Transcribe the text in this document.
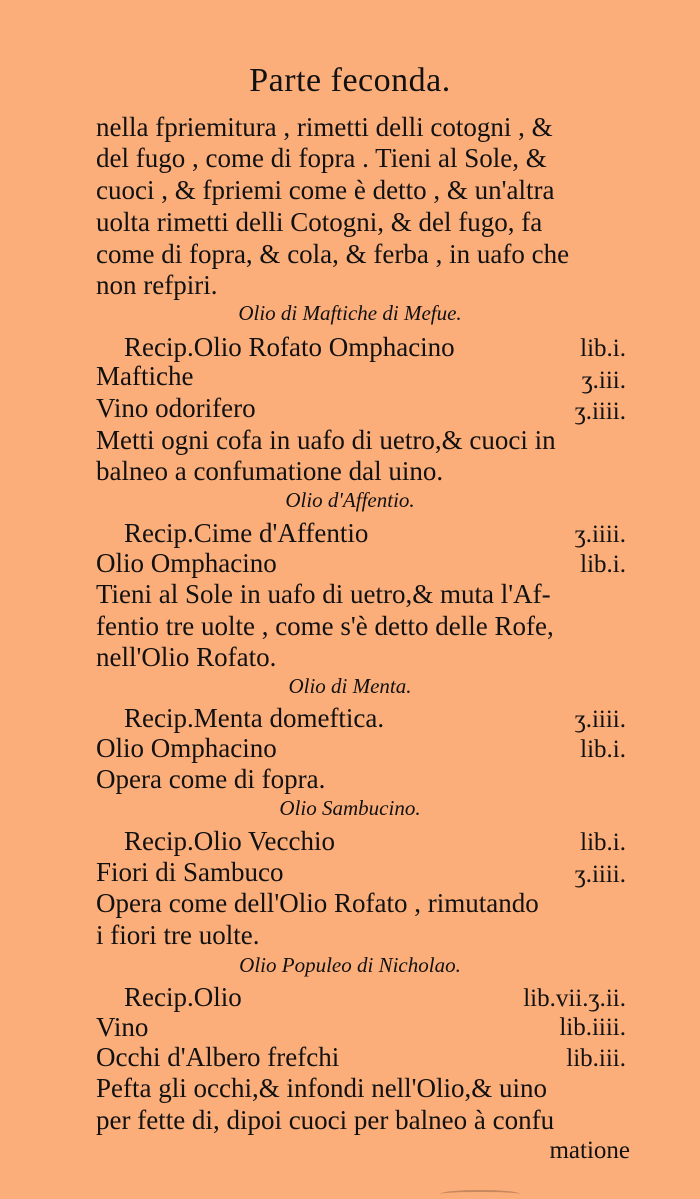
Parte feconda.
nella fpriemitura , rimetti delli cotogni , &
del fugo , come di fopra . Tieni al Sole, &
cuoci , & fpriemi come è detto , & un'altra
uolta rimetti delli Cotogni, & del fugo, fa
come di fopra, & cola, & ferba , in uafo che
non refpiri.
Olio di Maftiche di Mefue.
Recip.Olio Rofato Omphacino	lib.i.
Maftiche	ʒ.iii.
Vino odorifero	ʒ.iiii.
Metti ogni cofa in uafo di uetro,& cuoci in
balneo a confumatione dal uino.
Olio d'Affentio.
Recip.Cime d'Affentio	ʒ.iiii.
Olio Omphacino	lib.i.
Tieni al Sole in uafo di uetro,& muta l'Af-
fentio tre uolte , come s'è detto delle Rofe,
nell'Olio Rofato.
Olio di Menta.
Recip.Menta domeftica.	ʒ.iiii.
Olio Omphacino	lib.i.
Opera come di fopra.
Olio Sambucino.
Recip.Olio Vecchio	lib.i.
Fiori di Sambuco	ʒ.iiii.
Opera come dell'Olio Rofato , rimutando
i fiori tre uolte.
Olio Populeo di Nicholao.
Recip.Olio	lib.vii.ʒ.ii.
Vino	lib.iiii.
Occhi d'Albero frefchi	lib.iii.
Pefta gli occhi,& infondi nell'Olio,& uino
per fette di, dipoi cuoci per balneo à confu
matione
